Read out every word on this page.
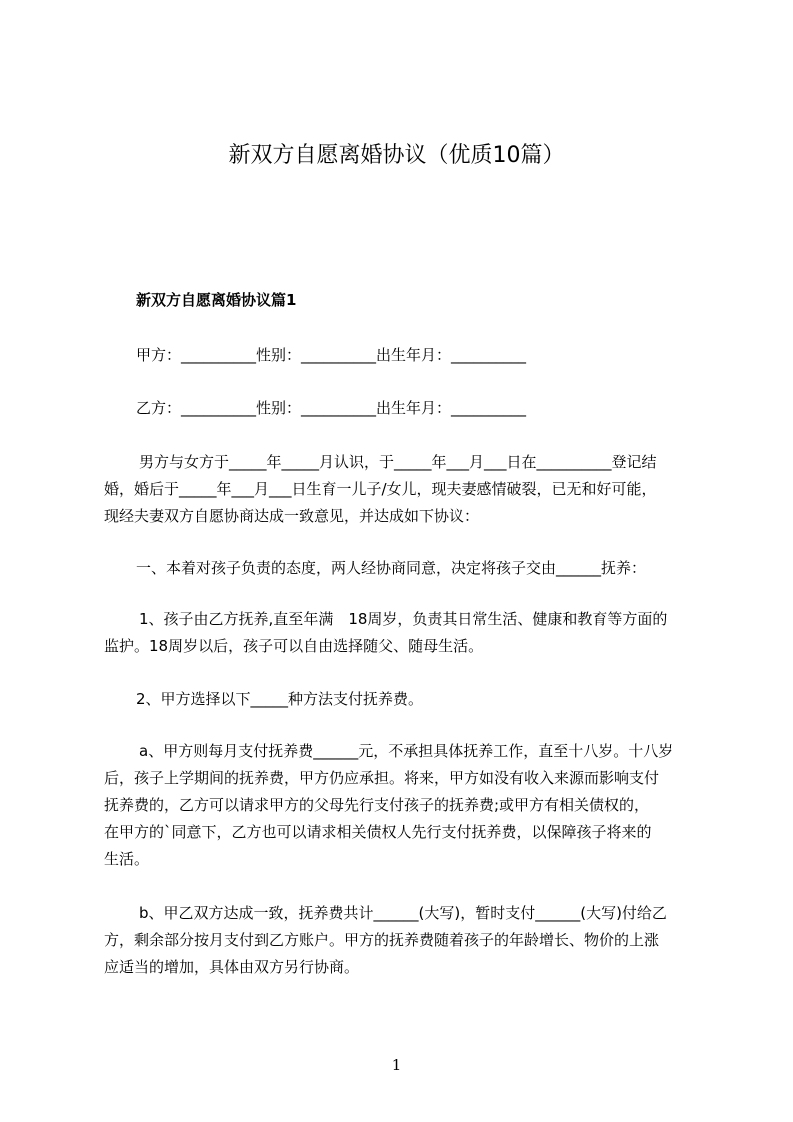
新双方自愿离婚协议（优质10篇）
新双方自愿离婚协议篇1
甲方：__________性别：__________出生年月：__________
乙方：__________性别：__________出生年月：__________
男方与女方于_____年_____月认识，于_____年___月___日在__________登记结
婚，婚后于_____年___月___日生育一儿子/女儿，现夫妻感情破裂，已无和好可能，
现经夫妻双方自愿协商达成一致意见，并达成如下协议：
一、本着对孩子负责的态度，两人经协商同意，决定将孩子交由______抚养：
1、孩子由乙方抚养,直至年满　18周岁，负责其日常生活、健康和教育等方面的
监护。18周岁以后，孩子可以自由选择随父、随母生活。
2、甲方选择以下_____种方法支付抚养费。
a、甲方则每月支付抚养费______元，不承担具体抚养工作，直至十八岁。十八岁
后，孩子上学期间的抚养费，甲方仍应承担。将来，甲方如没有收入来源而影响支付
抚养费的，乙方可以请求甲方的父母先行支付孩子的抚养费;或甲方有相关债权的，
在甲方的`同意下，乙方也可以请求相关债权人先行支付抚养费，以保障孩子将来的
生活。
b、甲乙双方达成一致，抚养费共计______(大写)，暂时支付______(大写)付给乙
方，剩余部分按月支付到乙方账户。甲方的抚养费随着孩子的年龄增长、物价的上涨
应适当的增加，具体由双方另行协商。
1
